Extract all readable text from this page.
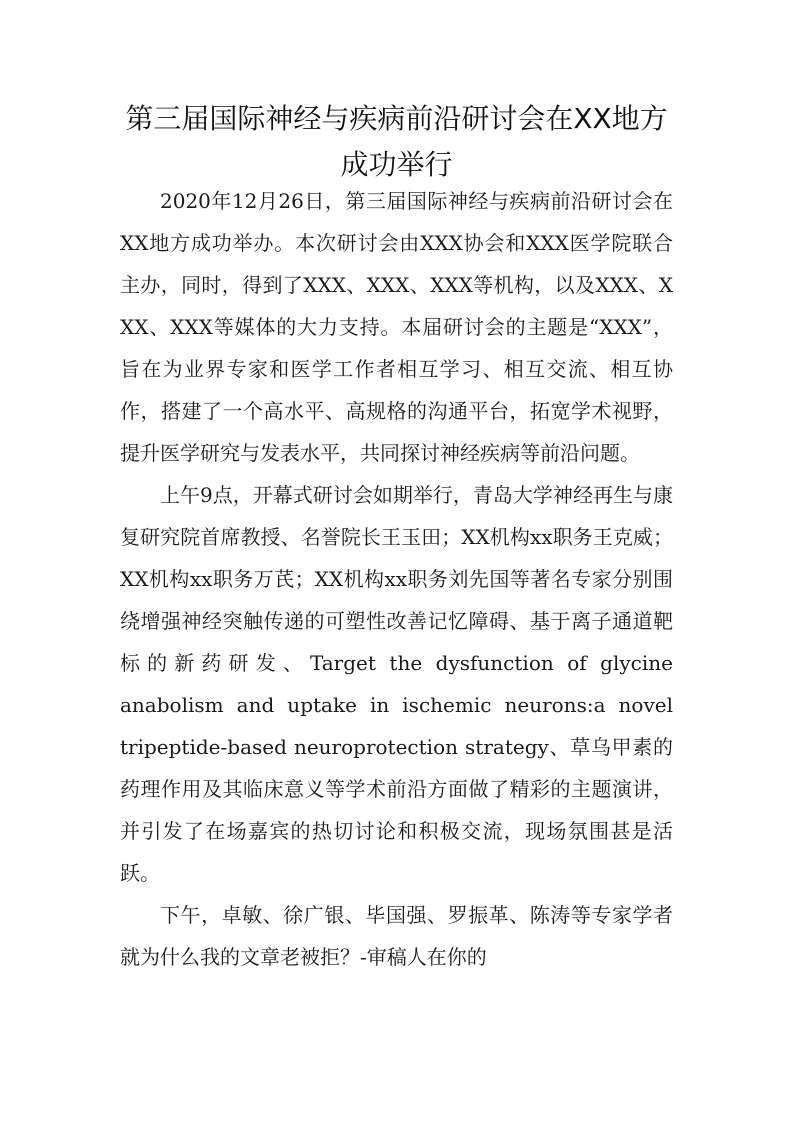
第三届国际神经与疾病前沿研讨会在XX地方成功举行

2020年12月26日，第三届国际神经与疾病前沿研讨会在XX地方成功举办。本次研讨会由XXX协会和XXX医学院联合主办，同时，得到了XXX、XXX、XXX等机构，以及XXX、XXX、XXX等媒体的大力支持。本届研讨会的主题是“XXX”，旨在为业界专家和医学工作者相互学习、相互交流、相互协作，搭建了一个高水平、高规格的沟通平台，拓宽学术视野，提升医学研究与发表水平，共同探讨神经疾病等前沿问题。

上午9点，开幕式研讨会如期举行，青岛大学神经再生与康复研究院首席教授、名誉院长王玉田；XX机构xx职务王克威；XX机构xx职务万芪；XX机构xx职务刘先国等著名专家分别围绕增强神经突触传递的可塑性改善记忆障碍、基于离子通道靶标的新药研发、Target the dysfunction of glycine anabolism and uptake in ischemic neurons:a novel tripeptide-based neuroprotection strategy、草乌甲素的药理作用及其临床意义等学术前沿方面做了精彩的主题演讲，并引发了在场嘉宾的热切讨论和积极交流，现场氛围甚是活跃。

下午，卓敏、徐广银、毕国强、罗振革、陈涛等专家学者就为什么我的文章老被拒？-审稿人在你的
